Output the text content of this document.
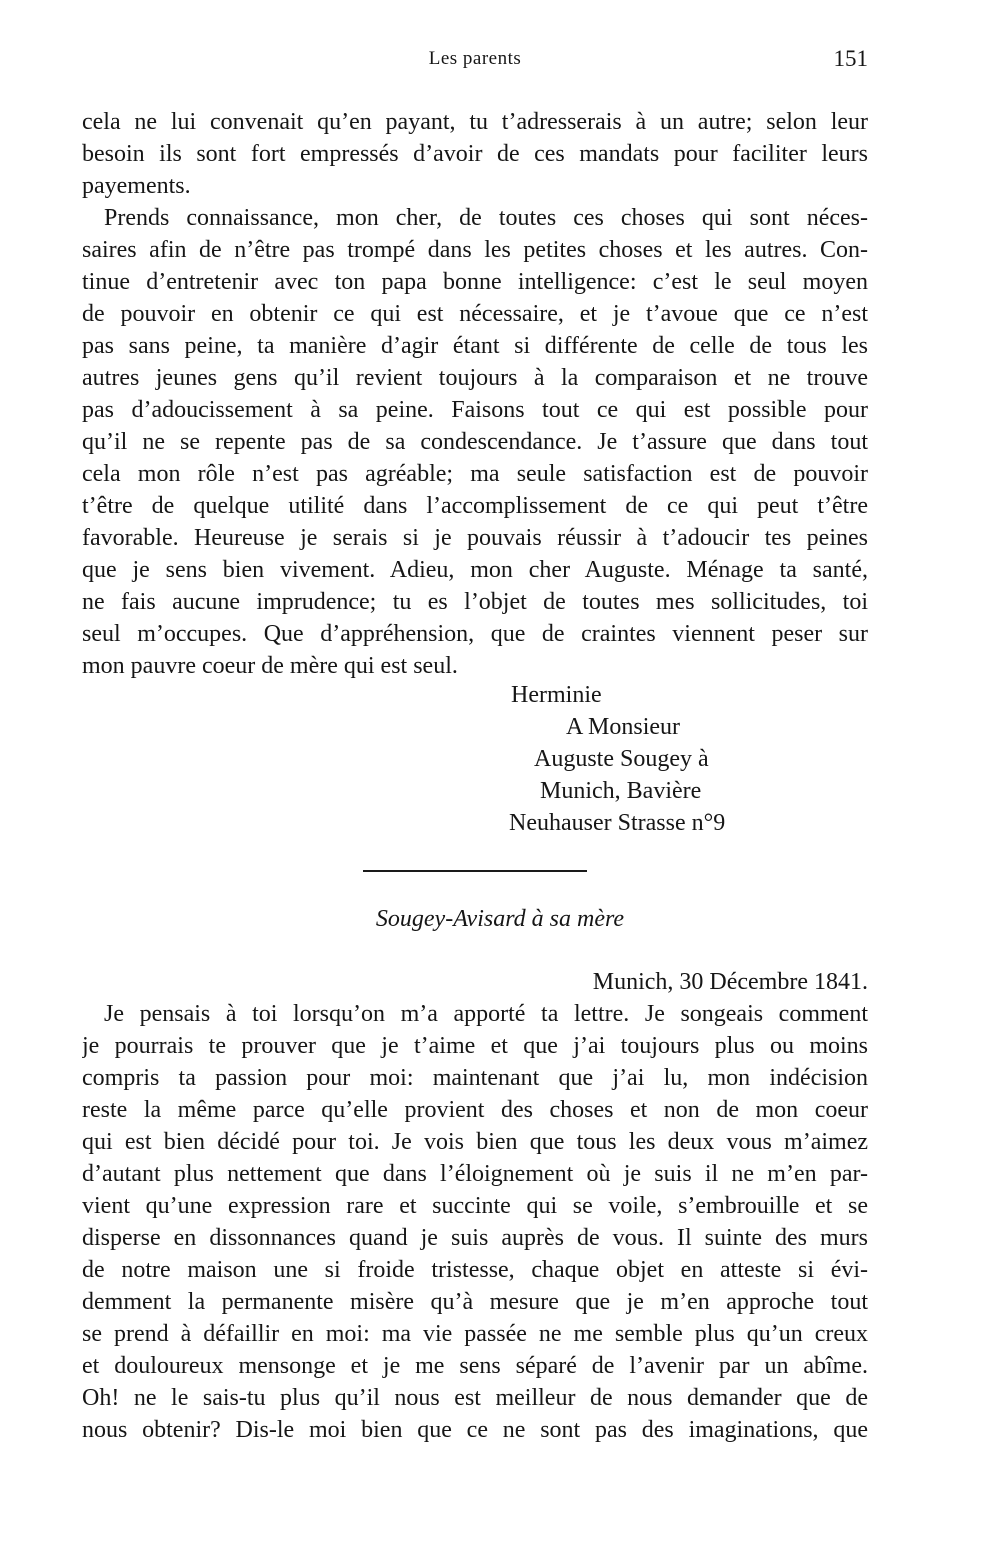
Les parents	151
cela ne lui convenait qu’en payant, tu t’adresserais à un autre; selon leur
besoin ils sont fort empressés d’avoir de ces mandats pour faciliter leurs
payements.
Prends connaissance, mon cher, de toutes ces choses qui sont néces-
saires afin de n’être pas trompé dans les petites choses et les autres. Con-
tinue d’entretenir avec ton papa bonne intelligence: c’est le seul moyen
de pouvoir en obtenir ce qui est nécessaire, et je t’avoue que ce n’est
pas sans peine, ta manière d’agir étant si différente de celle de tous les
autres jeunes gens qu’il revient toujours à la comparaison et ne trouve
pas d’adoucissement à sa peine. Faisons tout ce qui est possible pour
qu’il ne se repente pas de sa condescendance. Je t’assure que dans tout
cela mon rôle n’est pas agréable; ma seule satisfaction est de pouvoir
t’être de quelque utilité dans l’accomplissement de ce qui peut t’être
favorable. Heureuse je serais si je pouvais réussir à t’adoucir tes peines
que je sens bien vivement. Adieu, mon cher Auguste. Ménage ta santé,
ne fais aucune imprudence; tu es l’objet de toutes mes sollicitudes, toi
seul m’occupes. Que d’appréhension, que de craintes viennent peser sur
mon pauvre coeur de mère qui est seul.
Herminie
A Monsieur
Auguste Sougey à
Munich, Bavière
Neuhauser Strasse n°9
Sougey-Avisard à sa mère
Munich, 30 Décembre 1841.
Je pensais à toi lorsqu’on m’a apporté ta lettre. Je songeais comment
je pourrais te prouver que je t’aime et que j’ai toujours plus ou moins
compris ta passion pour moi: maintenant que j’ai lu, mon indécision
reste la même parce qu’elle provient des choses et non de mon coeur
qui est bien décidé pour toi. Je vois bien que tous les deux vous m’aimez
d’autant plus nettement que dans l’éloignement où je suis il ne m’en par-
vient qu’une expression rare et succinte qui se voile, s’embrouille et se
disperse en dissonnances quand je suis auprès de vous. Il suinte des murs
de notre maison une si froide tristesse, chaque objet en atteste si évi-
demment la permanente misère qu’à mesure que je m’en approche tout
se prend à défaillir en moi: ma vie passée ne me semble plus qu’un creux
et douloureux mensonge et je me sens séparé de l’avenir par un abîme.
Oh! ne le sais-tu plus qu’il nous est meilleur de nous demander que de
nous obtenir? Dis-le moi bien que ce ne sont pas des imaginations, que
